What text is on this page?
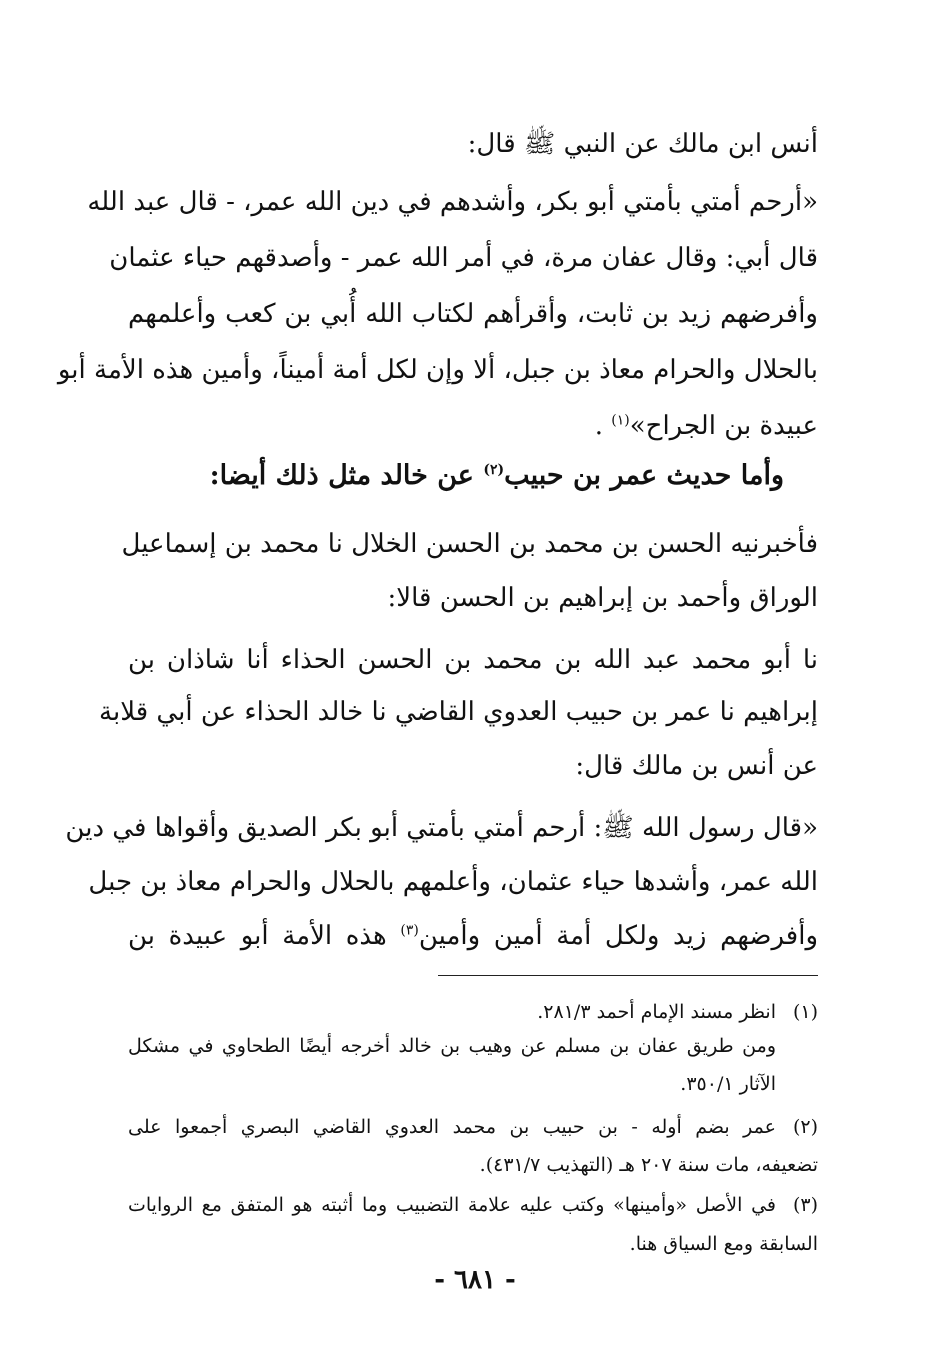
أنس ابن مالك عن النبي ﷺ قال:
«أرحم أمتي بأمتي أبو بكر، وأشدهم في دين الله عمر، - قال عبد الله
قال أبي: وقال عفان مرة، في أمر الله عمر - وأصدقهم حياء عثمان
وأفرضهم زيد بن ثابت، وأقرأهم لكتاب الله أُبي بن كعب وأعلمهم
بالحلال والحرام معاذ بن جبل، ألا وإن لكل أمة أميناً، وأمين هذه الأمة أبو
عبيدة بن الجراح»$^{(١)}$ .
وأما حديث عمر بن حبيب$^{(٢)}$ عن خالد مثل ذلك أيضا:
فأخبرنيه الحسن بن محمد بن الحسن الخلال نا محمد بن إسماعيل
الوراق وأحمد بن إبراهيم بن الحسن قالا:
نا أبو محمد عبد الله بن محمد بن الحسن الحذاء أنا شاذان بن
إبراهيم نا عمر بن حبيب العدوي القاضي نا خالد الحذاء عن أبي قلابة
عن أنس بن مالك قال:
«قال رسول الله ﷺ: أرحم أمتي بأمتي أبو بكر الصديق وأقواها في دين
الله عمر، وأشدها حياء عثمان، وأعلمهم بالحلال والحرام معاذ بن جبل
وأفرضهم زيد ولكل أمة أمين وأمين$^{(٣)}$ هذه الأمة أبو عبيدة بن
(١)انظر مسند الإمام أحمد ٢٨١/٣.
ومن طريق عفان بن مسلم عن وهيب بن خالد أخرجه أيضًا الطحاوي في مشكل
الآثار ٣٥٠/١.
(٢)عمر بضم أوله - بن حبيب بن محمد العدوي القاضي البصري أجمعوا على
تضعيفه، مات سنة ٢٠٧ هـ (التهذيب ٤٣١/٧).
(٣)في الأصل «وأمينها» وكتب عليه علامة التضبيب وما أثبته هو المتفق مع الروايات
السابقة ومع السياق هنا.
- ٦٨١ -
